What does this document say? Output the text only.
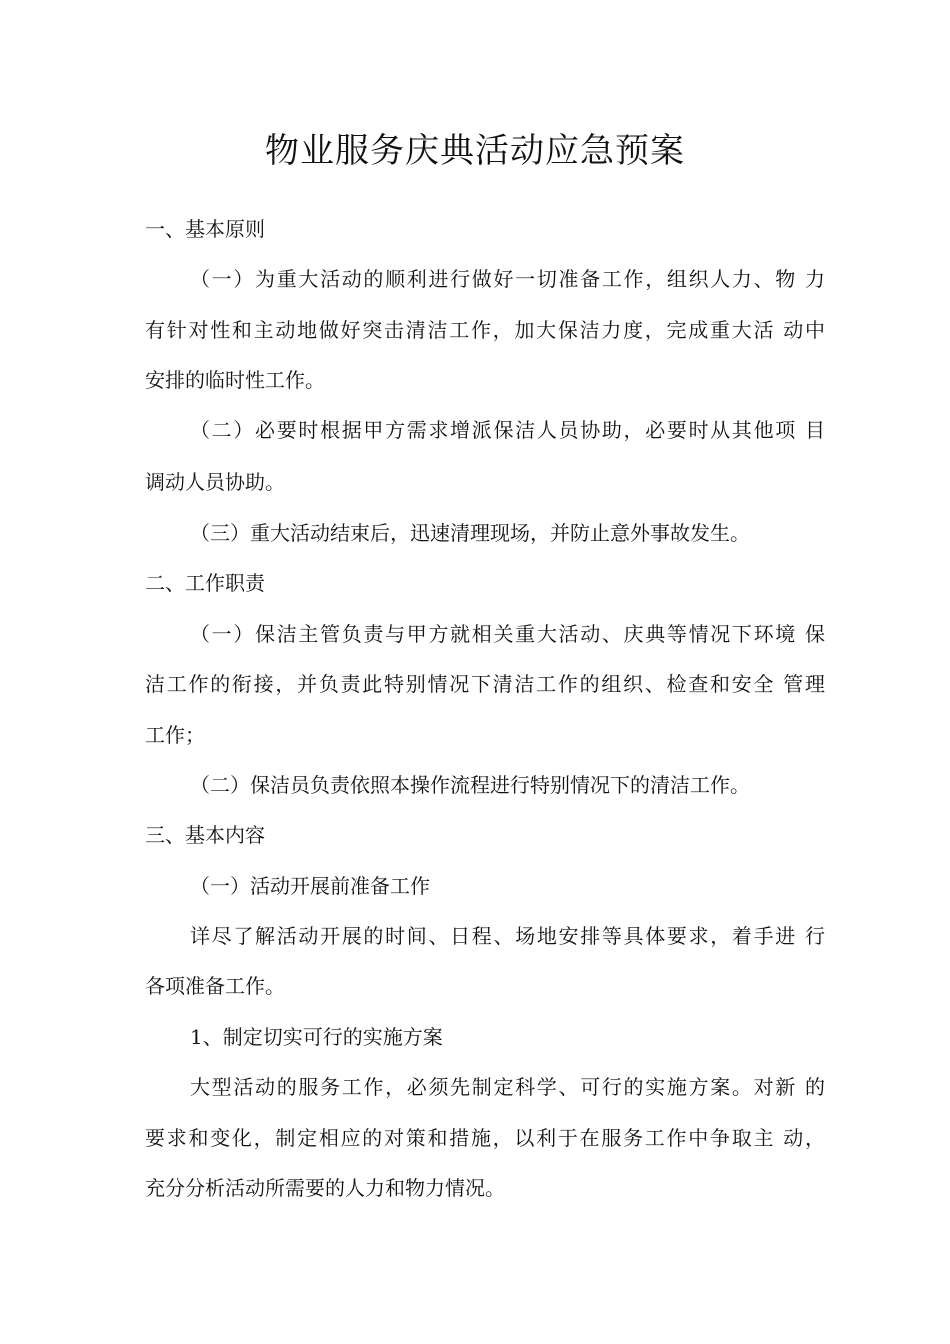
物业服务庆典活动应急预案
一、基本原则
（一）为重大活动的顺利进行做好一切准备工作，组织人力、物 力
有针对性和主动地做好突击清洁工作，加大保洁力度，完成重大活 动中
安排的临时性工作。
（二）必要时根据甲方需求增派保洁人员协助，必要时从其他项 目
调动人员协助。
（三）重大活动结束后，迅速清理现场，并防止意外事故发生。
二、工作职责
（一）保洁主管负责与甲方就相关重大活动、庆典等情况下环境 保
洁工作的衔接，并负责此特别情况下清洁工作的组织、检查和安全 管理
工作；
（二）保洁员负责依照本操作流程进行特别情况下的清洁工作。
三、基本内容
（一）活动开展前准备工作
详尽了解活动开展的时间、日程、场地安排等具体要求，着手进 行
各项准备工作。
1、制定切实可行的实施方案
大型活动的服务工作，必须先制定科学、可行的实施方案。对新 的
要求和变化，制定相应的对策和措施，以利于在服务工作中争取主 动，
充分分析活动所需要的人力和物力情况。
